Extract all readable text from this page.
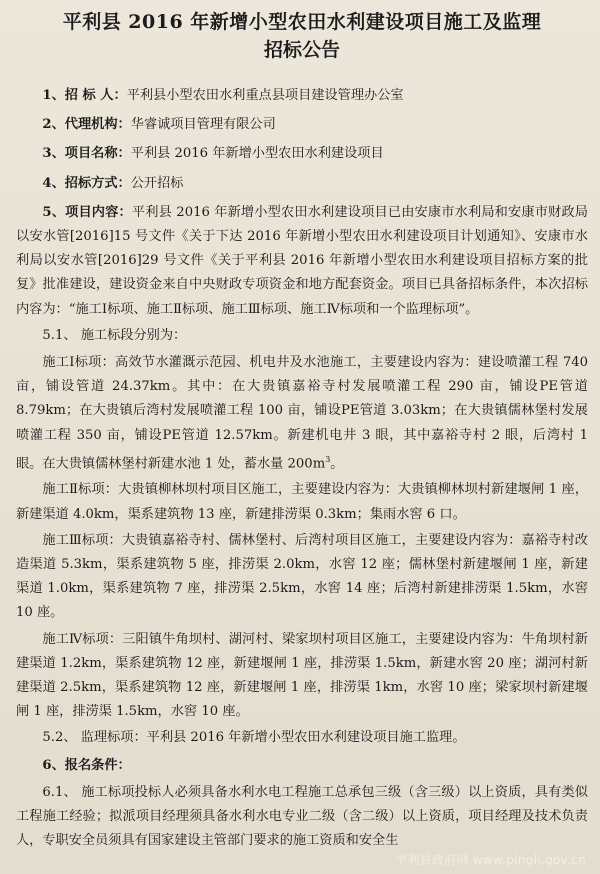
平利县 2016 年新增小型农田水利建设项目施工及监理
招标公告

1、招 标 人：平利县小型农田水利重点县项目建设管理办公室

2、代理机构：华睿诚项目管理有限公司

3、项目名称：平利县 2016 年新增小型农田水利建设项目

4、招标方式：公开招标

5、项目内容：平利县 2016 年新增小型农田水利建设项目已由安康市水利局和安康市财政局以安水管[2016]15 号文件《关于下达 2016 年新增小型农田水利建设项目计划通知》、安康市水利局以安水管[2016]29 号文件《关于平利县 2016 年新增小型农田水利建设项目招标方案的批复》批准建设，建设资金来自中央财政专项资金和地方配套资金。项目已具备招标条件，本次招标内容为：“施工Ⅰ标项、施工Ⅱ标项、施工Ⅲ标项、施工Ⅳ标项和一个监理标项”。

5.1、 施工标段分别为：

施工Ⅰ标项：高效节水灌溉示范园、机电井及水池施工，主要建设内容为：建设喷灌工程 740 亩，铺设管道 24.37km。其中：在大贵镇嘉裕寺村发展喷灌工程 290 亩，铺设PE管道 8.79km；在大贵镇后湾村发展喷灌工程 100 亩，铺设PE管道 3.03km；在大贵镇儒林堡村发展喷灌工程 350 亩，铺设PE管道 12.57km。新建机电井 3 眼，其中嘉裕寺村 2 眼，后湾村 1 眼。在大贵镇儒林堡村新建水池 1 处，蓄水量 $200m^3$。

施工Ⅱ标项：大贵镇柳林坝村项目区施工，主要建设内容为：大贵镇柳林坝村新建堰闸 1 座，新建渠道 4.0km，渠系建筑物 13 座，新建排涝渠 0.3km；集雨水窖 6 口。

施工Ⅲ标项：大贵镇嘉裕寺村、儒林堡村、后湾村项目区施工，主要建设内容为：嘉裕寺村改造渠道 5.3km，渠系建筑物 5 座，排涝渠 2.0km，水窖 12 座；儒林堡村新建堰闸 1 座，新建渠道 1.0km，渠系建筑物 7 座，排涝渠 2.5km，水窖 14 座；后湾村新建排涝渠 1.5km，水窖 10 座。

施工Ⅳ标项：三阳镇牛角坝村、湖河村、梁家坝村项目区施工，主要建设内容为：牛角坝村新建渠道 1.2km，渠系建筑物 12 座，新建堰闸 1 座，排涝渠 1.5km，新建水窖 20 座；湖河村新建渠道 2.5km，渠系建筑物 12 座，新建堰闸 1 座，排涝渠 1km，水窖 10 座；梁家坝村新建堰闸 1 座，排涝渠 1.5km，水窖 10 座。

5.2、 监理标项：平利县 2016 年新增小型农田水利建设项目施工监理。

6、报名条件：

6.1、 施工标项投标人必须具备水利水电工程施工总承包三级（含三级）以上资质，具有类似工程施工经验；拟派项目经理须具备水利水电专业二级（含二级）以上资质，项目经理及技术负责人，专职安全员须具有国家建设主管部门要求的施工资质和安全生

平利县政府网 www.pingli.gov.cn
